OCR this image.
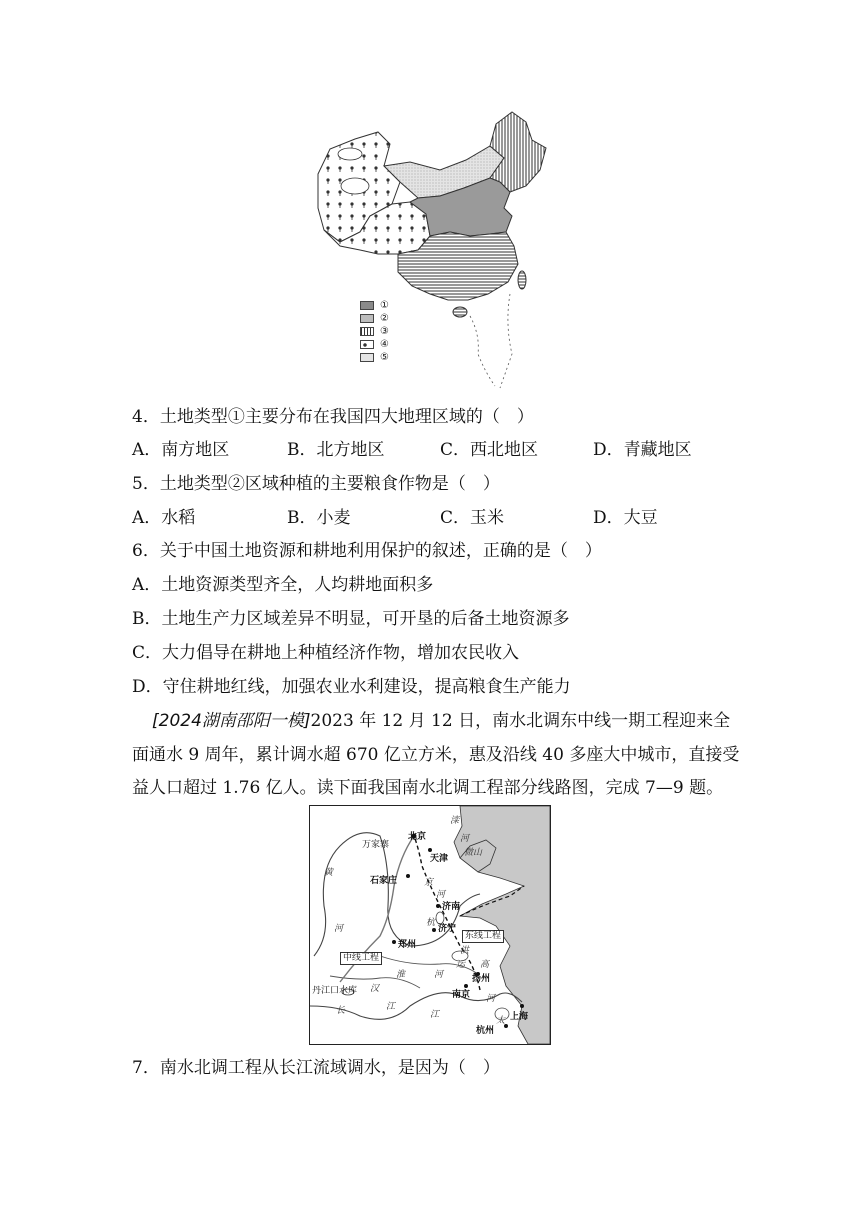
①
②
③
④
⑤
4．土地类型①主要分布在我国四大地理区域的（　）
A．南方地区	B．北方地区	C．西北地区	D．青藏地区
5．土地类型②区域种植的主要粮食作物是（　）
A．水稻	B．小麦	C．玉米	D．大豆
6．关于中国土地资源和耕地利用保护的叙述，正确的是（　）
A．土地资源类型齐全，人均耕地面积多
B．土地生产力区域差异不明显，可开垦的后备土地资源多
C．大力倡导在耕地上种植经济作物，增加农民收入
D．守住耕地红线，加强农业水利建设，提高粮食生产能力
[2024湖南邵阳一模]2023 年 12 月 12 日，南水北调东中线一期工程迎来全
面通水 9 周年，累计调水超 670 亿立方米，惠及沿线 40 多座大中城市，直接受
益人口超过 1.76 亿人。读下面我国南水北调工程部分线路图，完成 7—9 题。
北京
天津
万家寨
石家庄
济南
济宁
郑州
扬州
南京
上海
杭州
丹江口水库
中线工程
东线工程
黄
河
滦
河
淮	河
汉
江
长	江
京
杭
运
河
河
微山
洪
高
太
7．南水北调工程从长江流域调水，是因为（　）
